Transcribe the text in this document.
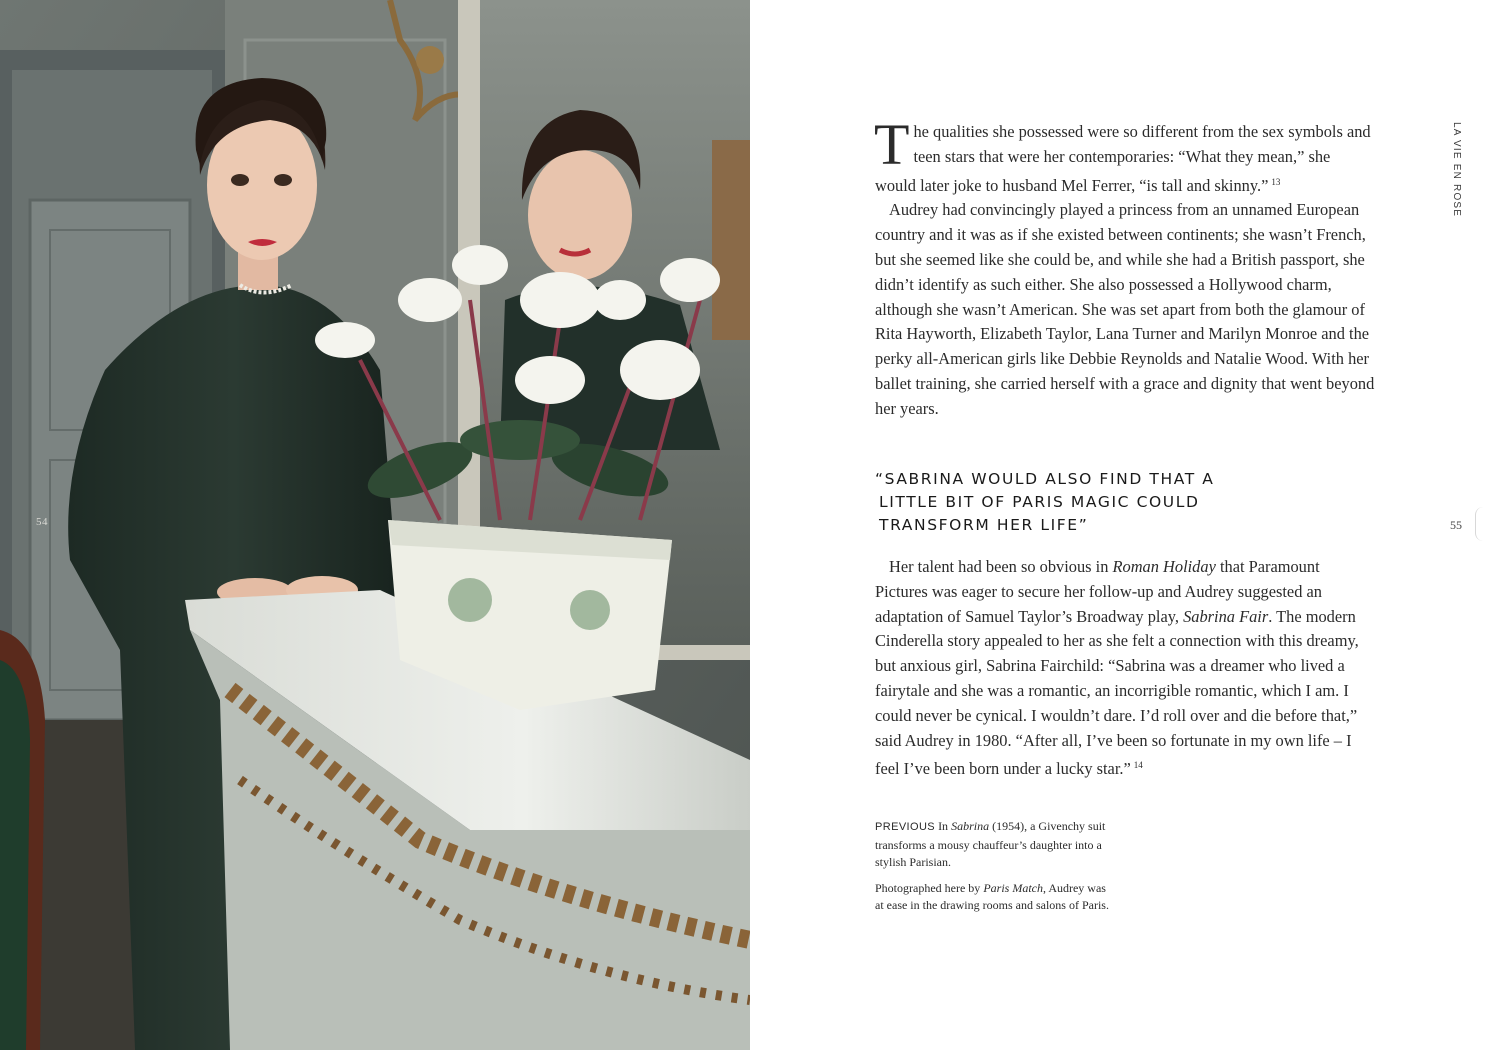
54
LA VIE EN ROSE
55

The qualities she possessed were so different from the sex symbols and teen stars that were her contemporaries: “What they mean,” she would later joke to husband Mel Ferrer, “is tall and skinny.” $^{13}$

Audrey had convincingly played a princess from an unnamed European country and it was as if she existed between continents; she wasn’t French, but she seemed like she could be, and while she had a British passport, she didn’t identify as such either. She also possessed a Hollywood charm, although she wasn’t American. She was set apart from both the glamour of Rita Hayworth, Elizabeth Taylor, Lana Turner and Marilyn Monroe and the perky all-American girls like Debbie Reynolds and Natalie Wood. With her ballet training, she carried herself with a grace and dignity that went beyond her years.

“SABRINA WOULD ALSO FIND THAT A
LITTLE BIT OF PARIS MAGIC COULD
TRANSFORM HER LIFE”

Her talent had been so obvious in Roman Holiday that Paramount Pictures was eager to secure her follow-up and Audrey suggested an adaptation of Samuel Taylor’s Broadway play, Sabrina Fair. The modern Cinderella story appealed to her as she felt a connection with this dreamy, but anxious girl, Sabrina Fairchild: “Sabrina was a dreamer who lived a fairytale and she was a romantic, an incorrigible romantic, which I am. I could never be cynical. I wouldn’t dare. I’d roll over and die before that,” said Audrey in 1980. “After all, I’ve been so fortunate in my own life – I feel I’ve been born under a lucky star.” $^{14}$

PREVIOUS In Sabrina (1954), a Givenchy suit transforms a mousy chauffeur’s daughter into a stylish Parisian.

Photographed here by Paris Match, Audrey was at ease in the drawing rooms and salons of Paris.
